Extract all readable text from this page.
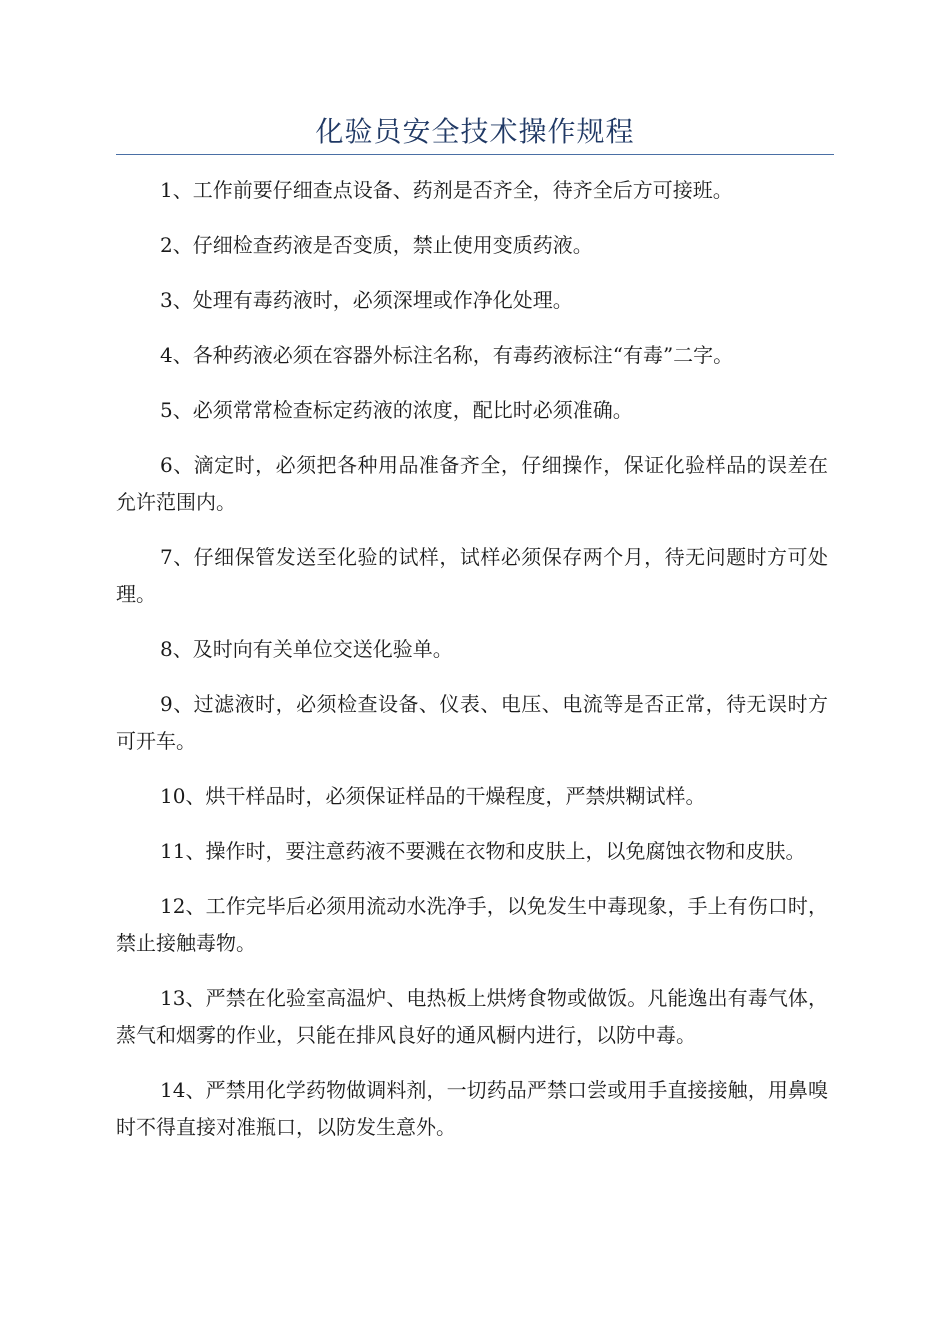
化验员安全技术操作规程

1、工作前要仔细查点设备、药剂是否齐全，待齐全后方可接班。

2、仔细检查药液是否变质，禁止使用变质药液。

3、处理有毒药液时，必须深埋或作净化处理。

4、各种药液必须在容器外标注名称，有毒药液标注“有毒”二字。

5、必须常常检查标定药液的浓度，配比时必须准确。

6、滴定时，必须把各种用品准备齐全，仔细操作，保证化验样品的误差在允许范围内。

7、仔细保管发送至化验的试样，试样必须保存两个月，待无问题时方可处理。

8、及时向有关单位交送化验单。

9、过滤液时，必须检查设备、仪表、电压、电流等是否正常，待无误时方可开车。

10、烘干样品时，必须保证样品的干燥程度，严禁烘糊试样。

11、操作时，要注意药液不要溅在衣物和皮肤上，以免腐蚀衣物和皮肤。

12、工作完毕后必须用流动水洗净手，以免发生中毒现象，手上有伤口时，禁止接触毒物。

13、严禁在化验室高温炉、电热板上烘烤食物或做饭。凡能逸出有毒气体，蒸气和烟雾的作业，只能在排风良好的通风橱内进行，以防中毒。

14、严禁用化学药物做调料剂，一切药品严禁口尝或用手直接接触，用鼻嗅时不得直接对准瓶口，以防发生意外。
